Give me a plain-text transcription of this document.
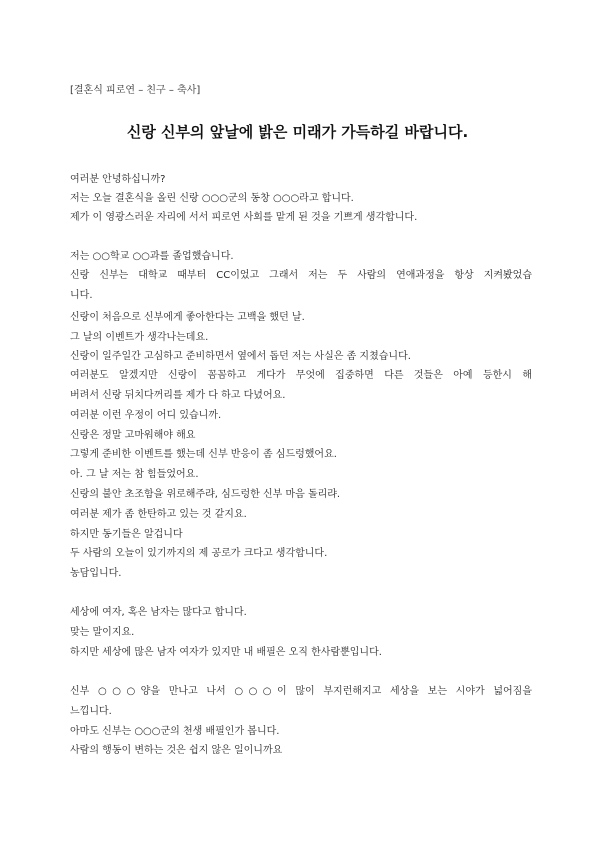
[결혼식 피로연 – 친구 – 축사]
신랑 신부의 앞날에 밝은 미래가 가득하길 바랍니다.
여러분 안녕하십니까?
저는 오늘 결혼식을 올린 신랑 ○○○군의 동창 ○○○라고 합니다.
제가 이 영광스러운 자리에 서서 피로연 사회를 맡게 된 것을 기쁘게 생각합니다.
저는 ○○학교 ○○과를 졸업했습니다.
신랑 신부는 대학교 때부터 CC이었고 그래서 저는 두 사람의 연애과정을 항상 지켜봤었습
니다.
신랑이 처음으로 신부에게 좋아한다는 고백을 했던 날.
그 날의 이벤트가 생각나는데요.
신랑이 일주일간 고심하고 준비하면서 옆에서 돕던 저는 사실은 좀 지쳤습니다.
여러분도 알겠지만 신랑이 꼼꼼하고 게다가 무엇에 집중하면 다른 것들은 아예 등한시 해
버려서 신랑 뒤치다꺼리를 제가 다 하고 다녔어요.
여러분 이런 우정이 어디 있습니까.
신랑은 정말 고마워해야 해요
그렇게 준비한 이벤트를 했는데 신부 반응이 좀 심드렁했어요.
아. 그 날 저는 참 힘들었어요.
신랑의 불안 초조함을 위로해주랴, 심드렁한 신부 마음 돌리랴.
여러분 제가 좀 한탄하고 있는 것 같지요.
하지만 동기들은 알겁니다
두 사람의 오늘이 있기까지의 제 공로가 크다고 생각합니다.
농담입니다.
세상에 여자, 혹은 남자는 많다고 합니다.
맞는 말이지요.
하지만 세상에 많은 남자 여자가 있지만 내 배필은 오직 한사람뿐입니다.
신부 ○○○양을 만나고 나서 ○○○이 많이 부지런해지고 세상을 보는 시야가 넓어짐을
느낍니다.
아마도 신부는 ○○○군의 천생 배필인가 봅니다.
사람의 행동이 변하는 것은 쉽지 않은 일이니까요
